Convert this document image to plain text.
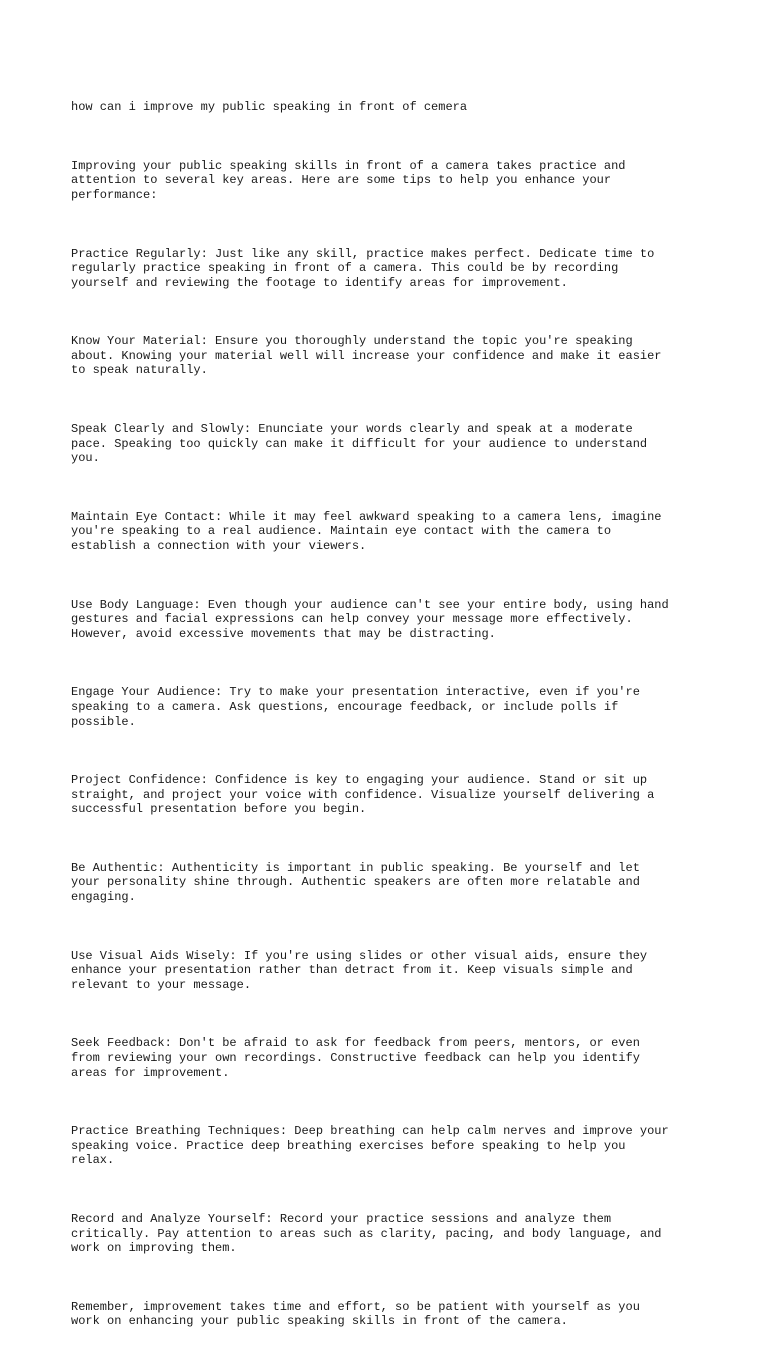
how can i improve my public speaking in front of cemera

Improving your public speaking skills in front of a camera takes practice and
attention to several key areas. Here are some tips to help you enhance your
performance:

Practice Regularly: Just like any skill, practice makes perfect. Dedicate time to
regularly practice speaking in front of a camera. This could be by recording
yourself and reviewing the footage to identify areas for improvement.

Know Your Material: Ensure you thoroughly understand the topic you're speaking
about. Knowing your material well will increase your confidence and make it easier
to speak naturally.

Speak Clearly and Slowly: Enunciate your words clearly and speak at a moderate
pace. Speaking too quickly can make it difficult for your audience to understand
you.

Maintain Eye Contact: While it may feel awkward speaking to a camera lens, imagine
you're speaking to a real audience. Maintain eye contact with the camera to
establish a connection with your viewers.

Use Body Language: Even though your audience can't see your entire body, using hand
gestures and facial expressions can help convey your message more effectively.
However, avoid excessive movements that may be distracting.

Engage Your Audience: Try to make your presentation interactive, even if you're
speaking to a camera. Ask questions, encourage feedback, or include polls if
possible.

Project Confidence: Confidence is key to engaging your audience. Stand or sit up
straight, and project your voice with confidence. Visualize yourself delivering a
successful presentation before you begin.

Be Authentic: Authenticity is important in public speaking. Be yourself and let
your personality shine through. Authentic speakers are often more relatable and
engaging.

Use Visual Aids Wisely: If you're using slides or other visual aids, ensure they
enhance your presentation rather than detract from it. Keep visuals simple and
relevant to your message.

Seek Feedback: Don't be afraid to ask for feedback from peers, mentors, or even
from reviewing your own recordings. Constructive feedback can help you identify
areas for improvement.

Practice Breathing Techniques: Deep breathing can help calm nerves and improve your
speaking voice. Practice deep breathing exercises before speaking to help you
relax.

Record and Analyze Yourself: Record your practice sessions and analyze them
critically. Pay attention to areas such as clarity, pacing, and body language, and
work on improving them.

Remember, improvement takes time and effort, so be patient with yourself as you
work on enhancing your public speaking skills in front of the camera.
